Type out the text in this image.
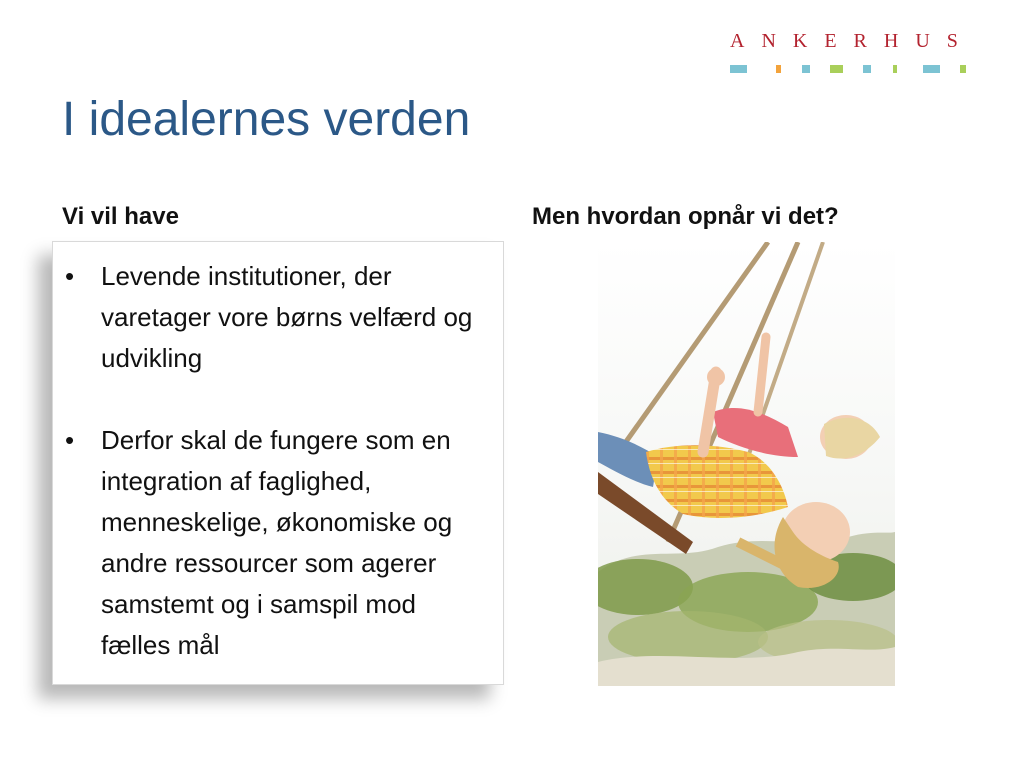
ANKERHUS
I idealernes verden
Vi vil have	Men hvordan opnår vi det?
• Levende institutioner, der varetager vore børns velfærd og udvikling
• Derfor skal de fungere som en integration af faglighed, menneskelige, økonomiske og andre ressourcer som agerer samstemt og i samspil mod fælles mål
